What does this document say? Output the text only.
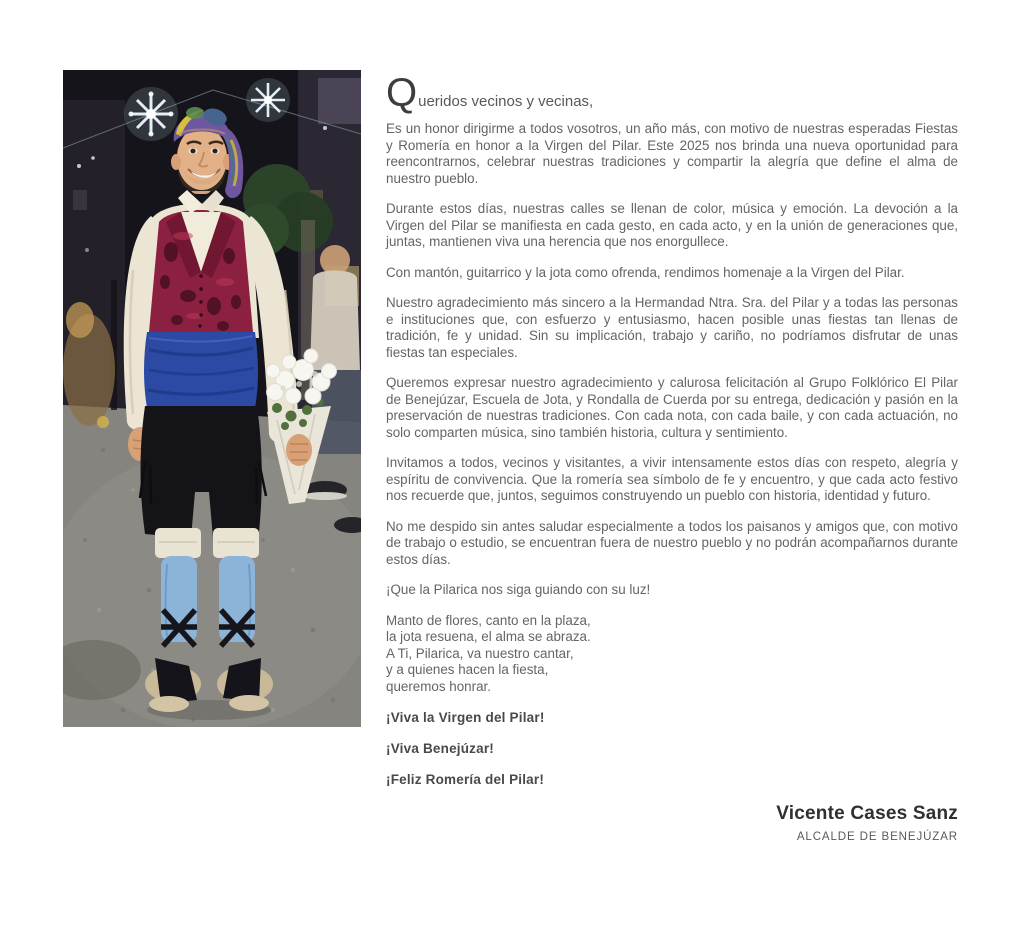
Queridos vecinos y vecinas,

Es un honor dirigirme a todos vosotros, un año más, con motivo de nuestras esperadas Fiestas y Romería en honor a la Virgen del Pilar. Este 2025 nos brinda una nueva oportunidad para reencontrarnos, celebrar nuestras tradiciones y compartir la alegría que define el alma de nuestro pueblo.

Durante estos días, nuestras calles se llenan de color, música y emoción. La devoción a la Virgen del Pilar se manifiesta en cada gesto, en cada acto, y en la unión de generaciones que, juntas, mantienen viva una herencia que nos enorgullece.

Con mantón, guitarrico y la jota como ofrenda, rendimos homenaje a la Virgen del Pilar.

Nuestro agradecimiento más sincero a la Hermandad Ntra. Sra. del Pilar y a todas las personas e instituciones que, con esfuerzo y entusiasmo, hacen posible unas fiestas tan llenas de tradición, fe y unidad. Sin su implicación, trabajo y cariño, no podríamos disfrutar de unas fiestas tan especiales.

Queremos expresar nuestro agradecimiento y calurosa felicitación al Grupo Folklórico El Pilar de Benejúzar, Escuela de Jota, y Rondalla de Cuerda por su entrega, dedicación y pasión en la preservación de nuestras tradiciones. Con cada nota, con cada baile, y con cada actuación, no solo comparten música, sino también historia, cultura y sentimiento.

Invitamos a todos, vecinos y visitantes, a vivir intensamente estos días con respeto, alegría y espíritu de convivencia. Que la romería sea símbolo de fe y encuentro, y que cada acto festivo nos recuerde que, juntos, seguimos construyendo un pueblo con historia, identidad y futuro.

No me despido sin antes saludar especialmente a todos los paisanos y amigos que, con motivo de trabajo o estudio, se encuentran fuera de nuestro pueblo y no podrán acompañarnos durante estos días.

¡Que la Pilarica nos siga guiando con su luz!

Manto de flores, canto en la plaza,
la jota resuena, el alma se abraza.
A Ti, Pilarica, va nuestro cantar,
y a quienes hacen la fiesta,
queremos honrar.

¡Viva la Virgen del Pilar!

¡Viva Benejúzar!

¡Feliz Romería del Pilar!

Vicente Cases Sanz
ALCALDE DE BENEJÚZAR
